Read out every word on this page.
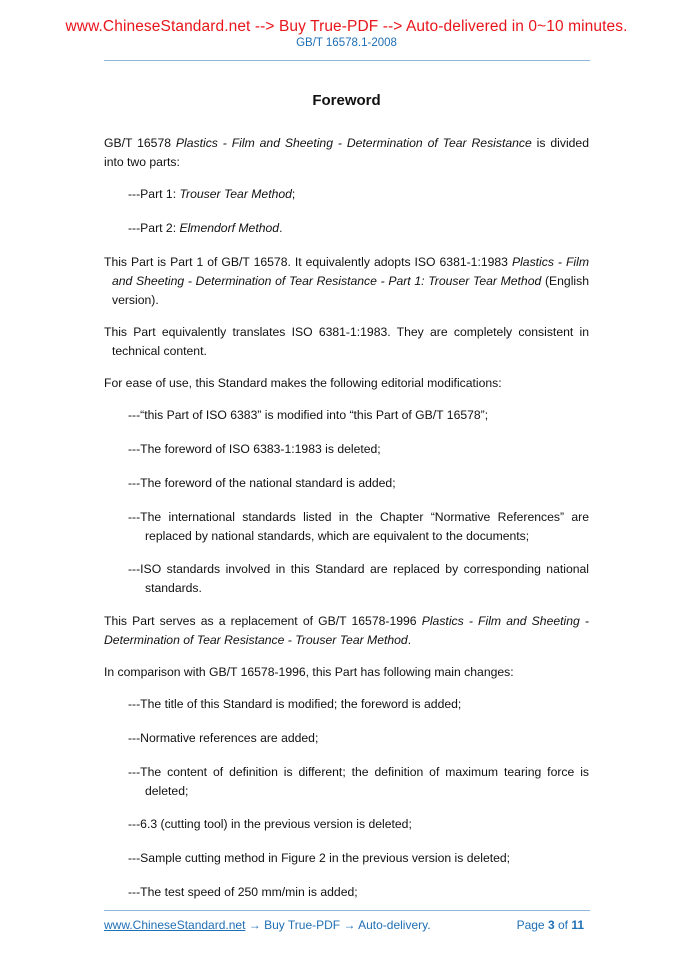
www.ChineseStandard.net --> Buy True-PDF --> Auto-delivered in 0~10 minutes.
GB/T 16578.1-2008
Foreword

GB/T 16578 Plastics - Film and Sheeting - Determination of Tear Resistance is divided into two parts:

---Part 1: Trouser Tear Method;

---Part 2: Elmendorf Method.

This Part is Part 1 of GB/T 16578. It equivalently adopts ISO 6381-1:1983 Plastics - Film and Sheeting - Determination of Tear Resistance - Part 1: Trouser Tear Method (English version).

This Part equivalently translates ISO 6381-1:1983. They are completely consistent in technical content.

For ease of use, this Standard makes the following editorial modifications:

---“this Part of ISO 6383” is modified into “this Part of GB/T 16578”;

---The foreword of ISO 6383-1:1983 is deleted;

---The foreword of the national standard is added;

---The international standards listed in the Chapter “Normative References” are replaced by national standards, which are equivalent to the documents;

---ISO standards involved in this Standard are replaced by corresponding national standards.

This Part serves as a replacement of GB/T 16578-1996 Plastics - Film and Sheeting - Determination of Tear Resistance - Trouser Tear Method.

In comparison with GB/T 16578-1996, this Part has following main changes:

---The title of this Standard is modified; the foreword is added;

---Normative references are added;

---The content of definition is different; the definition of maximum tearing force is deleted;

---6.3 (cutting tool) in the previous version is deleted;

---Sample cutting method in Figure 2 in the previous version is deleted;

---The test speed of 250 mm/min is added;

www.ChineseStandard.net → Buy True-PDF → Auto-delivery.	Page 3 of 11
